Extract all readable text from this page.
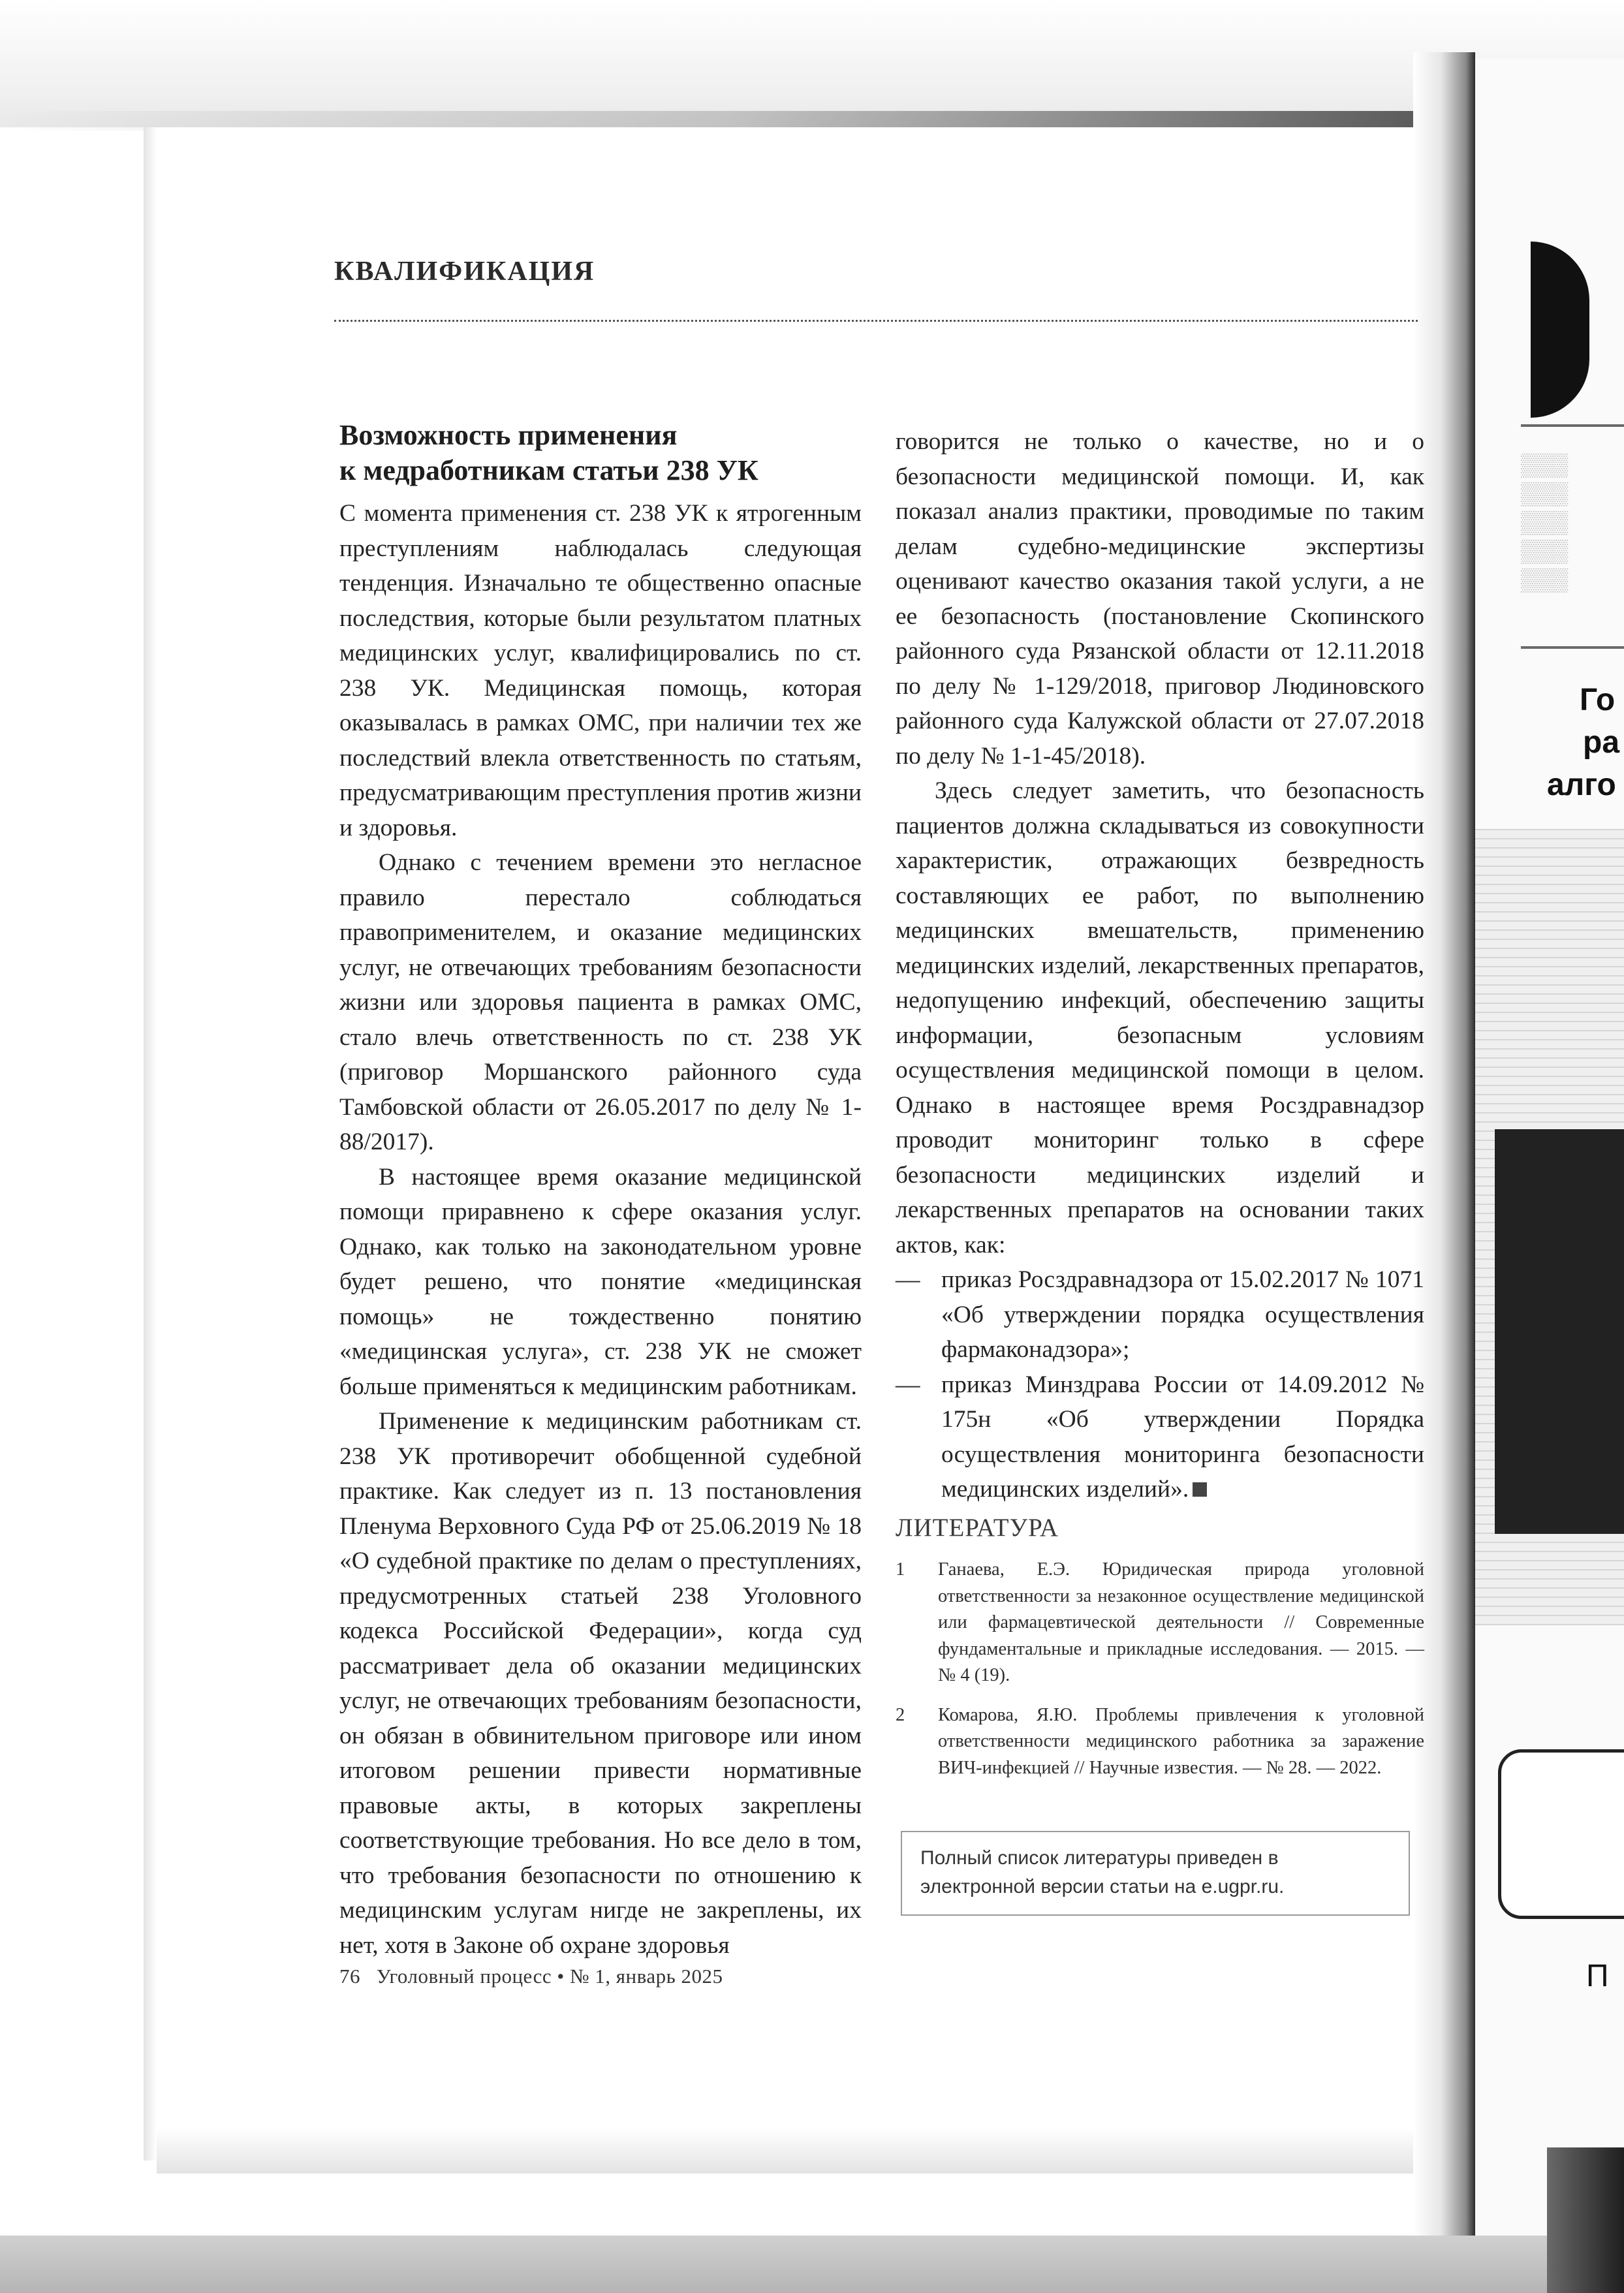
▒▒▒
▒▒▒
▒▒▒
▒▒▒
▒▒▒
Го
ра
алго
П
КВАЛИФИКАЦИЯ
Возможность применения
к медработникам статьи 238 УК

С момента применения ст. 238 УК к ятрогенным преступлениям наблюдалась следующая тенденция. Изначально те общественно опасные последствия, которые были результатом платных медицинских услуг, квалифицировались по ст. 238 УК. Медицинская помощь, которая оказывалась в рамках ОМС, при наличии тех же последствий влекла ответственность по статьям, предусматривающим преступления против жизни и здоровья.

Однако с течением времени это негласное правило перестало соблюдаться правоприменителем, и оказание медицинских услуг, не отвечающих требованиям безопасности жизни или здоровья пациента в рамках ОМС, стало влечь ответственность по ст. 238 УК (приговор Моршанского районного суда Тамбовской области от 26.05.2017 по делу № 1-88/2017).

В настоящее время оказание медицинской помощи приравнено к сфере оказания услуг. Однако, как только на законодательном уровне будет решено, что понятие «медицинская помощь» не тождественно понятию «медицинская услуга», ст. 238 УК не сможет больше применяться к медицинским работникам.

Применение к медицинским работникам ст. 238 УК противоречит обобщенной судебной практике. Как следует из п. 13 постановления Пленума Верховного Суда РФ от 25.06.2019 № 18 «О судебной практике по делам о преступлениях, предусмотренных статьей 238 Уголовного кодекса Российской Федерации», когда суд рассматривает дела об оказании медицинских услуг, не отвечающих требованиям безопасности, он обязан в обвинительном приговоре или ином итоговом решении привести нормативные правовые акты, в которых закреплены соответствующие требования. Но все дело в том, что требования безопасности по отношению к медицинским услугам нигде не закреплены, их нет, хотя в Законе об охране здоровья

говорится не только о качестве, но и о безопасности медицинской помощи. И, как показал анализ практики, проводимые по таким делам судебно-медицинские экспертизы оценивают качество оказания такой услуги, а не ее безопасность (постановление Скопинского районного суда Рязанской области от 12.11.2018 по делу № 1-129/2018, приговор Людиновского районного суда Калужской области от 27.07.2018 по делу № 1-1-45/2018).

Здесь следует заметить, что безопасность пациентов должна складываться из совокупности характеристик, отражающих безвредность составляющих ее работ, по выполнению медицинских вмешательств, применению медицинских изделий, лекарственных препаратов, недопущению инфекций, обеспечению защиты информации, безопасным условиям осуществления медицинской помощи в целом. Однако в настоящее время Росздравнадзор проводит мониторинг только в сфере безопасности медицинских изделий и лекарственных препаратов на основании таких актов, как:

— приказ Росздравнадзора от 15.02.2017 № 1071 «Об утверждении порядка осуществления фармаконадзора»;

— приказ Минздрава России от 14.09.2012 № 175н «Об утверждении Порядка осуществления мониторинга безопасности медицинских изделий».

ЛИТЕРАТУРА
1 Ганаева, Е.Э. Юридическая природа уголовной ответственности за незаконное осуществление медицинской или фармацевтической деятельности // Современные фундаментальные и прикладные исследования. — 2015. — № 4 (19).
2 Комарова, Я.Ю. Проблемы привлечения к уголовной ответственности медицинского работника за заражение ВИЧ-инфекцией // Научные известия. — № 28. — 2022.
Полный список литературы приведен в электронной версии статьи на e.ugpr.ru.
76   Уголовный процесс • № 1, январь 2025
